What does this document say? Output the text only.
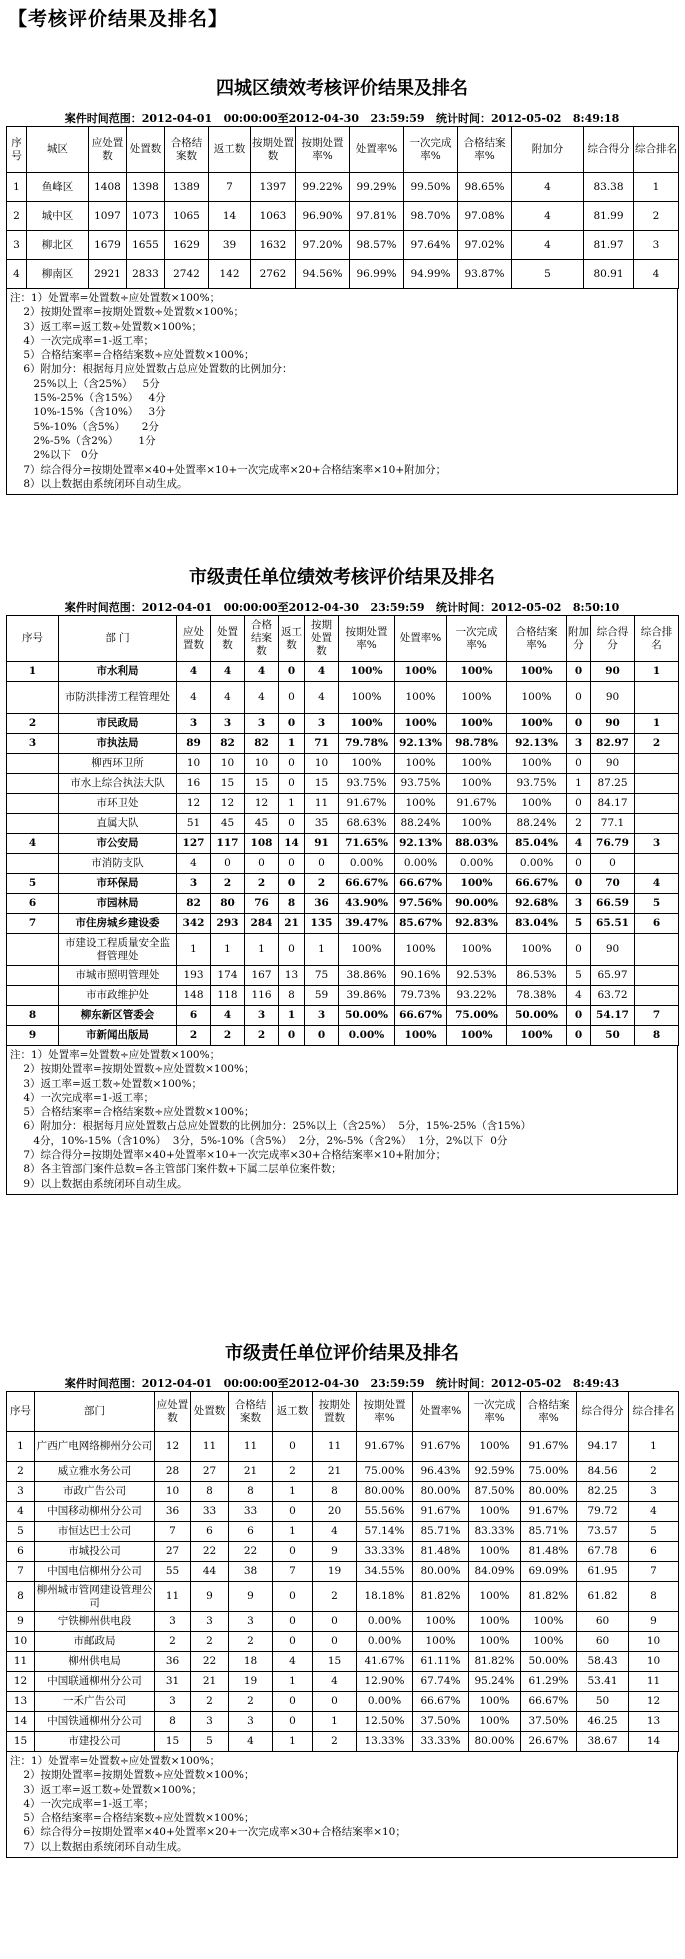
【考核评价结果及排名】
四城区绩效考核评价结果及排名
案件时间范围：2012-04-01   00:00:00至2012-04-30   23:59:59   统计时间：2012-05-02   8:49:18
序号	城区	应处置数	处置数	合格结案数	返工数	按期处置数	按期处置率%	处置率%	一次完成率%	合格结案率%	附加分	综合得分	综合排名
1	鱼峰区	1408	1398	1389	7	1397	99.22%	99.29%	99.50%	98.65%	4	83.38	1
2	城中区	1097	1073	1065	14	1063	96.90%	97.81%	98.70%	97.08%	4	81.99	2
3	柳北区	1679	1655	1629	39	1632	97.20%	98.57%	97.64%	97.02%	4	81.97	3
4	柳南区	2921	2833	2742	142	2762	94.56%	96.99%	94.99%	93.87%	5	80.91	4
注：1）处置率=处置数÷应处置数×100%；
2）按期处置率=按期处置数÷处置数×100%；
3）返工率=返工数÷处置数×100%；
4）一次完成率=1-返工率；
5）合格结案率=合格结案数÷应处置数×100%；
6）附加分：根据每月应处置数占总应处置数的比例加分：
25%以上（含25%）   5分
15%-25%（含15%）   4分
10%-15%（含10%）   3分
5%-10%（含5%）     2分
2%-5%（含2%）      1分
2%以下   0分
7）综合得分=按期处置率×40+处置率×10+一次完成率×20+合格结案率×10+附加分；
8）以上数据由系统闭环自动生成。
市级责任单位绩效考核评价结果及排名
案件时间范围：2012-04-01   00:00:00至2012-04-30   23:59:59   统计时间：2012-05-02   8:50:10
序号	部 门	应处置数	处置数	合格结案数	返工数	按期处置数	按期处置率%	处置率%	一次完成率%	合格结案率%	附加分	综合得分	综合排名
1	市水利局	4	4	4	0	4	100%	100%	100%	100%	0	90	1
	市防洪排涝工程管理处	4	4	4	0	4	100%	100%	100%	100%	0	90	
2	市民政局	3	3	3	0	3	100%	100%	100%	100%	0	90	1
3	市执法局	89	82	82	1	71	79.78%	92.13%	98.78%	92.13%	3	82.97	2
	柳西环卫所	10	10	10	0	10	100%	100%	100%	100%	0	90	
	市水上综合执法大队	16	15	15	0	15	93.75%	93.75%	100%	93.75%	1	87.25	
	市环卫处	12	12	12	1	11	91.67%	100%	91.67%	100%	0	84.17	
	直属大队	51	45	45	0	35	68.63%	88.24%	100%	88.24%	2	77.1	
4	市公安局	127	117	108	14	91	71.65%	92.13%	88.03%	85.04%	4	76.79	3
	市消防支队	4	0	0	0	0	0.00%	0.00%	0.00%	0.00%	0	0	
5	市环保局	3	2	2	0	2	66.67%	66.67%	100%	66.67%	0	70	4
6	市园林局	82	80	76	8	36	43.90%	97.56%	90.00%	92.68%	3	66.59	5
7	市住房城乡建设委	342	293	284	21	135	39.47%	85.67%	92.83%	83.04%	5	65.51	6
	市建设工程质量安全监督管理处	1	1	1	0	1	100%	100%	100%	100%	0	90	
	市城市照明管理处	193	174	167	13	75	38.86%	90.16%	92.53%	86.53%	5	65.97	
	市市政维护处	148	118	116	8	59	39.86%	79.73%	93.22%	78.38%	4	63.72	
8	柳东新区管委会	6	4	3	1	3	50.00%	66.67%	75.00%	50.00%	0	54.17	7
9	市新闻出版局	2	2	2	0	0	0.00%	100%	100%	100%	0	50	8
注：1）处置率=处置数÷应处置数×100%；
2）按期处置率=按期处置数÷应处置数×100%；
3）返工率=返工数÷处置数×100%；
4）一次完成率=1-返工率；
5）合格结案率=合格结案数÷应处置数×100%；
6）附加分：根据每月应处置数占总应处置数的比例加分：25%以上（含25%）  5分，15%-25%（含15%）
4分，10%-15%（含10%）  3分，5%-10%（含5%）  2分，2%-5%（含2%）  1分，2%以下  0分
7）综合得分=按期处置率×40+处置率×10+一次完成率×30+合格结案率×10+附加分；
8）各主管部门案件总数=各主管部门案件数+下属二层单位案件数；
9）以上数据由系统闭环自动生成。
市级责任单位评价结果及排名
案件时间范围：2012-04-01   00:00:00至2012-04-30   23:59:59   统计时间：2012-05-02   8:49:43
序号	部门	应处置数	处置数	合格结案数	返工数	按期处置数	按期处置率%	处置率%	一次完成率%	合格结案率%	综合得分	综合排名
1	广西广电网络柳州分公司	12	11	11	0	11	91.67%	91.67%	100%	91.67%	94.17	1
2	威立雅水务公司	28	27	21	2	21	75.00%	96.43%	92.59%	75.00%	84.56	2
3	市政广告公司	10	8	8	1	8	80.00%	80.00%	87.50%	80.00%	82.25	3
4	中国移动柳州分公司	36	33	33	0	20	55.56%	91.67%	100%	91.67%	79.72	4
5	市恒达巴士公司	7	6	6	1	4	57.14%	85.71%	83.33%	85.71%	73.57	5
6	市城投公司	27	22	22	0	9	33.33%	81.48%	100%	81.48%	67.78	6
7	中国电信柳州分公司	55	44	38	7	19	34.55%	80.00%	84.09%	69.09%	61.95	7
8	柳州城市管网建设管理公司	11	9	9	0	2	18.18%	81.82%	100%	81.82%	61.82	8
9	宁铁柳州供电段	3	3	3	0	0	0.00%	100%	100%	100%	60	9
10	市邮政局	2	2	2	0	0	0.00%	100%	100%	100%	60	10
11	柳州供电局	36	22	18	4	15	41.67%	61.11%	81.82%	50.00%	58.43	10
12	中国联通柳州分公司	31	21	19	1	4	12.90%	67.74%	95.24%	61.29%	53.41	11
13	一禾广告公司	3	2	2	0	0	0.00%	66.67%	100%	66.67%	50	12
14	中国铁通柳州分公司	8	3	3	0	1	12.50%	37.50%	100%	37.50%	46.25	13
15	市建投公司	15	5	4	1	2	13.33%	33.33%	80.00%	26.67%	38.67	14
注：1）处置率=处置数÷应处置数×100%；
2）按期处置率=按期处置数÷应处置数×100%；
3）返工率=返工数÷处置数×100%；
4）一次完成率=1-返工率；
5）合格结案率=合格结案数÷应处置数×100%；
6）综合得分=按期处置率×40+处置率×20+一次完成率×30+合格结案率×10；
7）以上数据由系统闭环自动生成。
